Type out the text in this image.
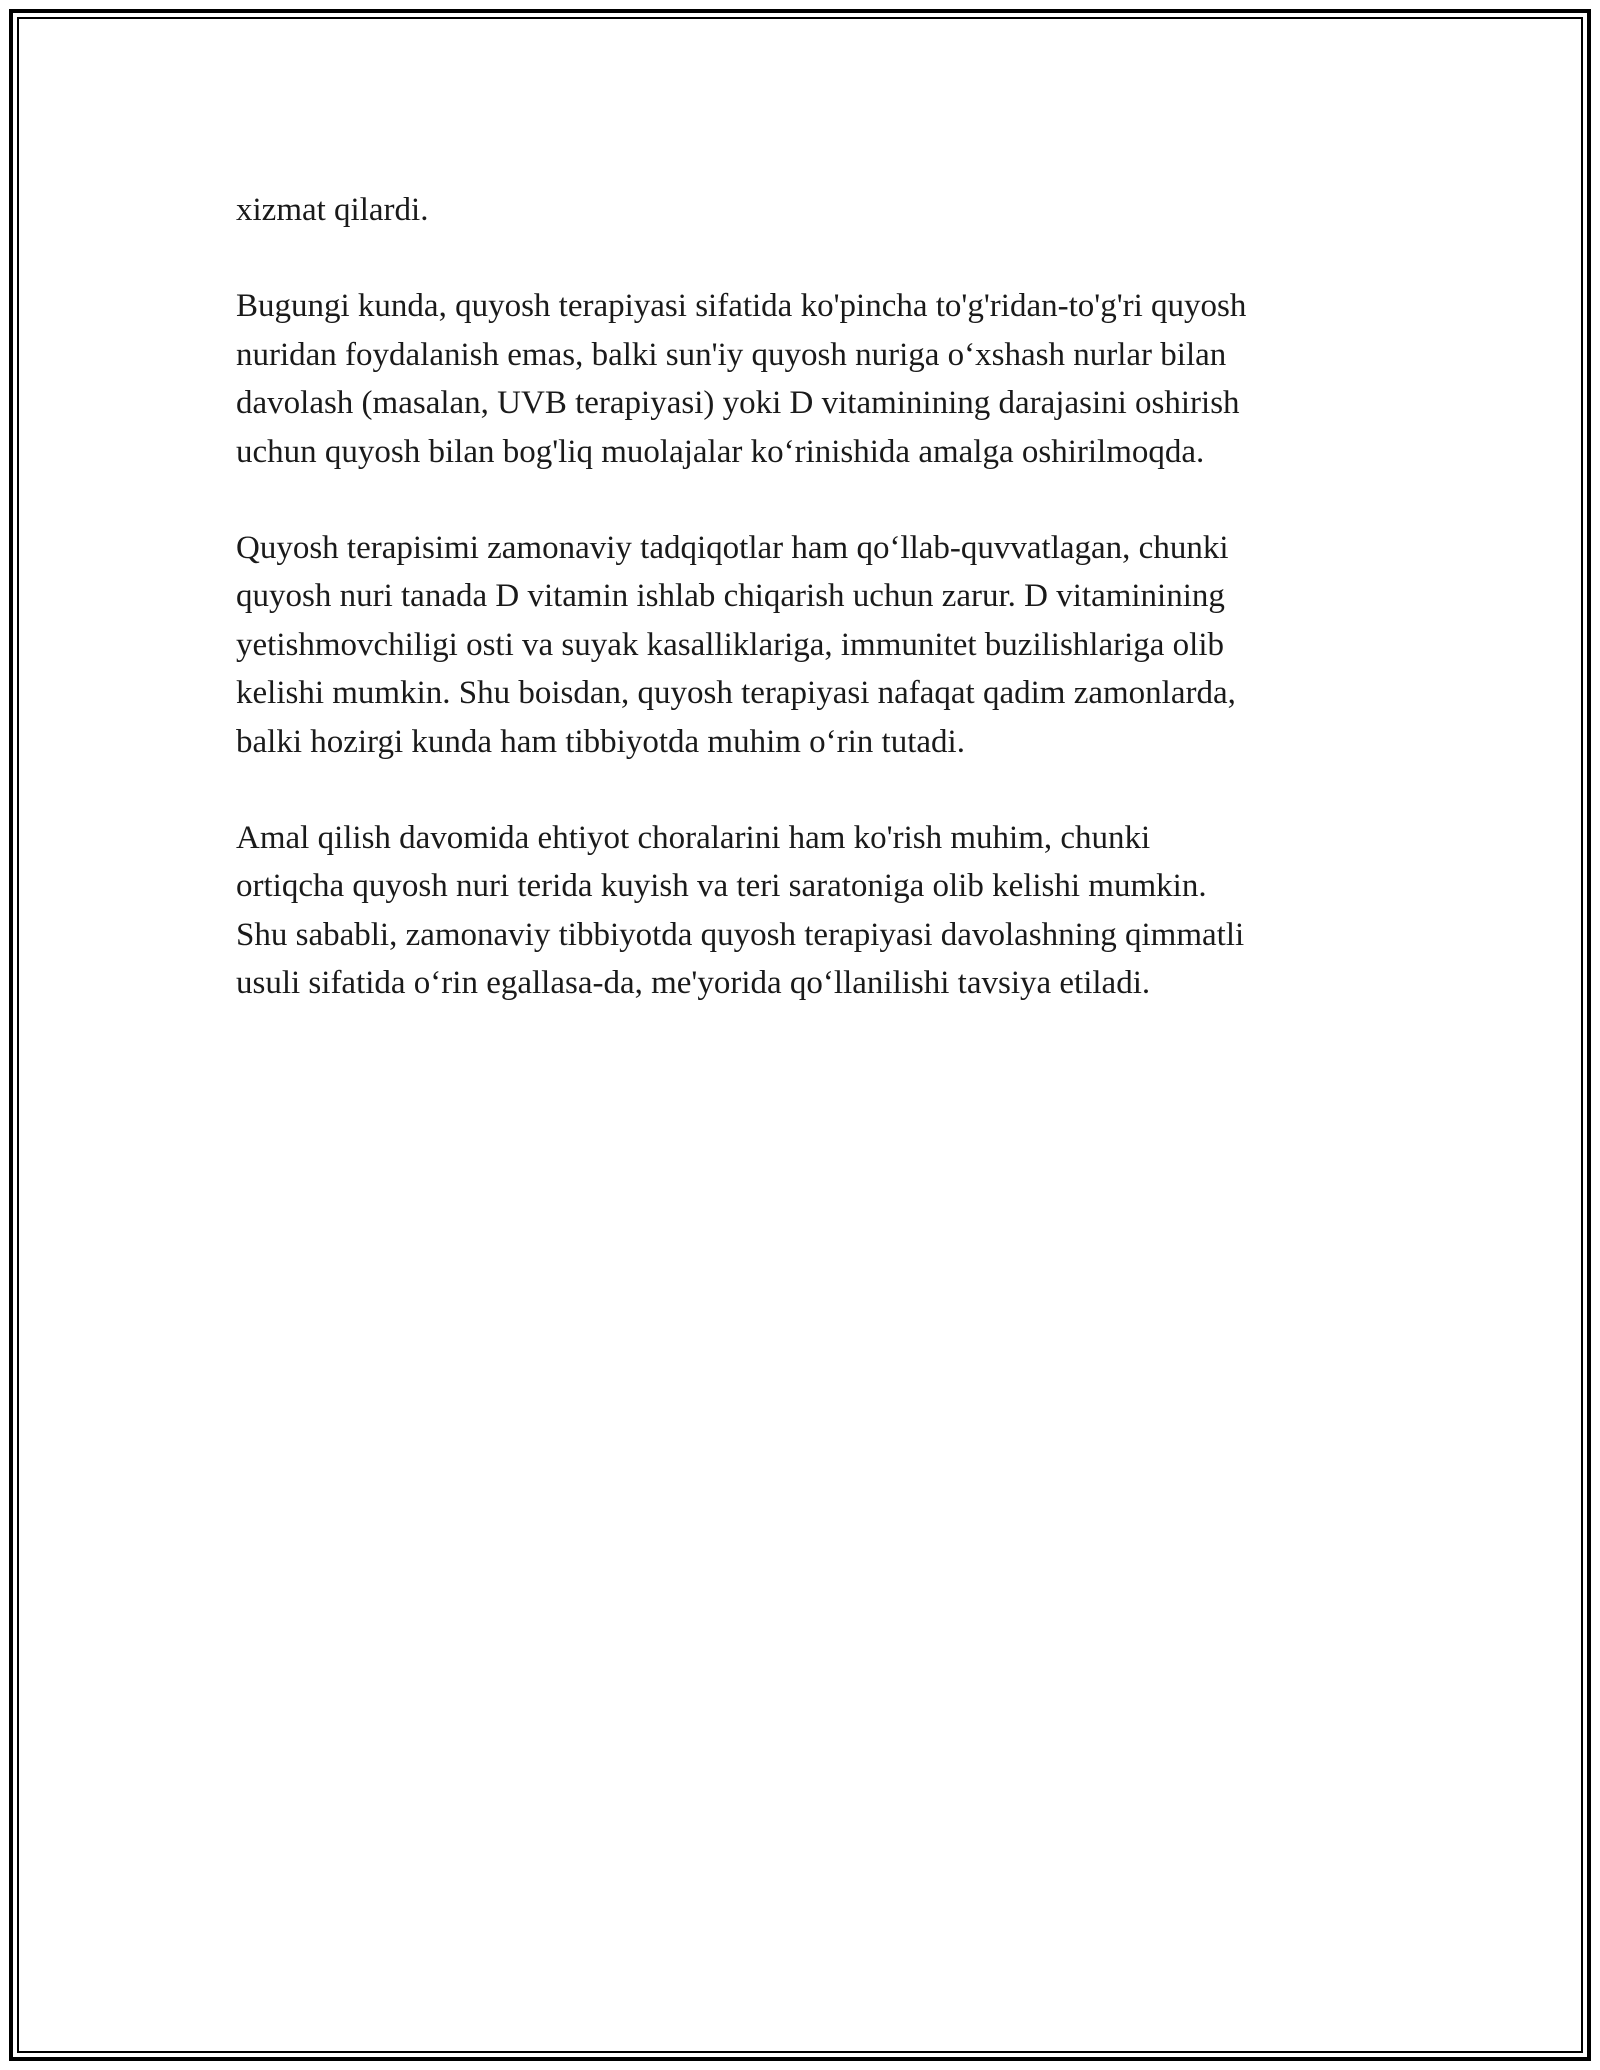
xizmat qilardi.

Bugungi kunda, quyosh terapiyasi sifatida ko'pincha to'g'ridan-to'g'ri quyosh
nuridan foydalanish emas, balki sun'iy quyosh nuriga o‘xshash nurlar bilan
davolash (masalan, UVB terapiyasi) yoki D vitaminining darajasini oshirish
uchun quyosh bilan bog'liq muolajalar ko‘rinishida amalga oshirilmoqda.

Quyosh terapisimi zamonaviy tadqiqotlar ham qo‘llab-quvvatlagan, chunki
quyosh nuri tanada D vitamin ishlab chiqarish uchun zarur. D vitaminining
yetishmovchiligi osti va suyak kasalliklariga, immunitet buzilishlariga olib
kelishi mumkin. Shu boisdan, quyosh terapiyasi nafaqat qadim zamonlarda,
balki hozirgi kunda ham tibbiyotda muhim o‘rin tutadi.

Amal qilish davomida ehtiyot choralarini ham ko'rish muhim, chunki
ortiqcha quyosh nuri terida kuyish va teri saratoniga olib kelishi mumkin.
Shu sababli, zamonaviy tibbiyotda quyosh terapiyasi davolashning qimmatli
usuli sifatida o‘rin egallasa-da, me'yorida qo‘llanilishi tavsiya etiladi.
